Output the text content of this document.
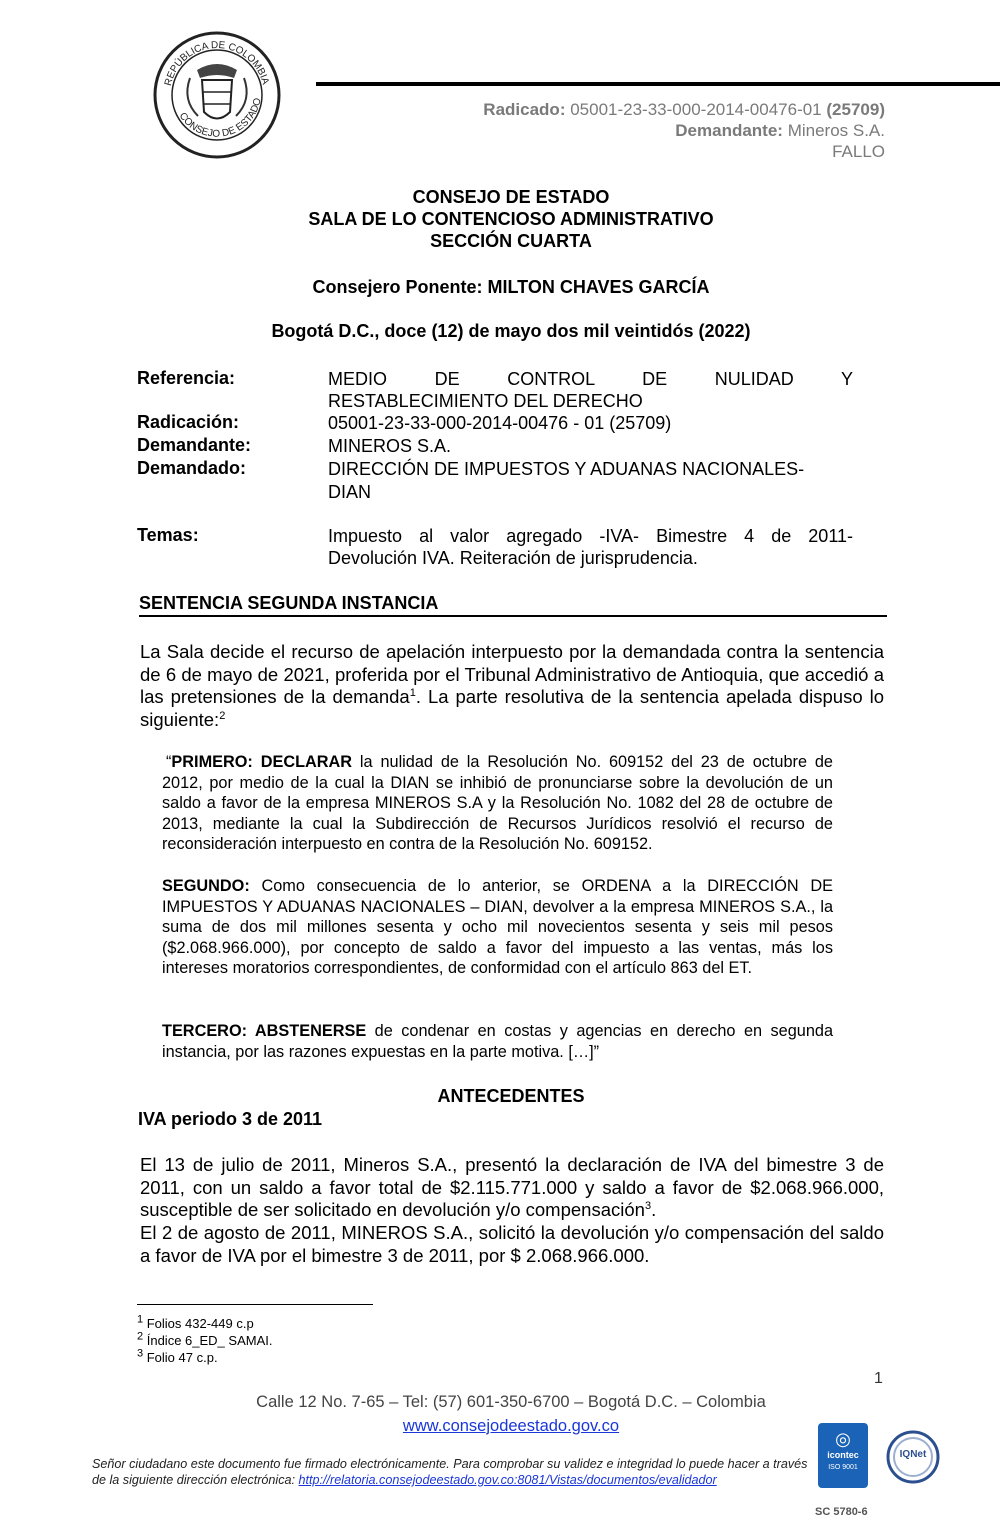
REPÚBLICA DE COLOMBIA
CONSEJO DE ESTADO	Radicado: 05001-23-33-000-2014-00476-01 (25709)
Demandante: Mineros S.A.
FALLO
CONSEJO DE ESTADO
SALA DE LO CONTENCIOSO ADMINISTRATIVO
SECCIÓN CUARTA
Consejero Ponente: MILTON CHAVES GARCÍA
Bogotá D.C., doce (12) de mayo dos mil veintidós (2022)
Referencia:	MEDIO DE CONTROL DE NULIDAD Y
RESTABLECIMIENTO DEL DERECHO
Radicación:	05001-23-33-000-2014-00476 - 01 (25709)
Demandante:	MINEROS S.A.
Demandado:	DIRECCIÓN DE IMPUESTOS Y ADUANAS NACIONALES-
DIAN
Temas:	Impuesto al valor agregado -IVA- Bimestre 4 de 2011-
Devolución IVA. Reiteración de jurisprudencia.
SENTENCIA SEGUNDA INSTANCIA
La Sala decide el recurso de apelación interpuesto por la demandada contra la sentencia de 6 de mayo de 2021, proferida por el Tribunal Administrativo de Antioquia, que accedió a las pretensiones de la demanda$^1$. La parte resolutiva de la sentencia apelada dispuso lo siguiente:$^2$
“PRIMERO: DECLARAR la nulidad de la Resolución No. 609152 del 23 de octubre de 2012, por medio de la cual la DIAN se inhibió de pronunciarse sobre la devolución de un saldo a favor de la empresa MINEROS S.A y la Resolución No. 1082 del 28 de octubre de 2013, mediante la cual la Subdirección de Recursos Jurídicos resolvió el recurso de reconsideración interpuesto en contra de la Resolución No. 609152.
SEGUNDO: Como consecuencia de lo anterior, se ORDENA a la DIRECCIÓN DE IMPUESTOS Y ADUANAS NACIONALES – DIAN, devolver a la empresa MINEROS S.A., la suma de dos mil millones sesenta y ocho mil novecientos sesenta y seis mil pesos ($2.068.966.000), por concepto de saldo a favor del impuesto a las ventas, más los intereses moratorios correspondientes, de conformidad con el artículo 863 del ET.
TERCERO: ABSTENERSE de condenar en costas y agencias en derecho en segunda instancia, por las razones expuestas en la parte motiva. […]”
ANTECEDENTES
IVA periodo 3 de 2011
El 13 de julio de 2011, Mineros S.A., presentó la declaración de IVA del bimestre 3 de 2011, con un saldo a favor total de $2.115.771.000 y saldo a favor de $2.068.966.000, susceptible de ser solicitado en devolución y/o compensación$^3$.
El 2 de agosto de 2011, MINEROS S.A., solicitó la devolución y/o compensación del saldo a favor de IVA por el bimestre 3 de 2011, por $ 2.068.966.000.
$^1$ Folios 432-449 c.p
$^2$ Índice 6_ED_ SAMAI.
$^3$ Folio 47 c.p.
1
Calle 12 No. 7-65 – Tel: (57) 601-350-6700 – Bogotá D.C. – Colombia
www.consejodeestado.gov.co
Señor ciudadano este documento fue firmado electrónicamente. Para comprobar su validez e integridad lo puede hacer a través de la siguiente dirección electrónica: http://relatoria.consejodeestado.gov.co:8081/Vistas/documentos/evalidador
◎
icontec
ISO 9001
IQNet
SC 5780-6
